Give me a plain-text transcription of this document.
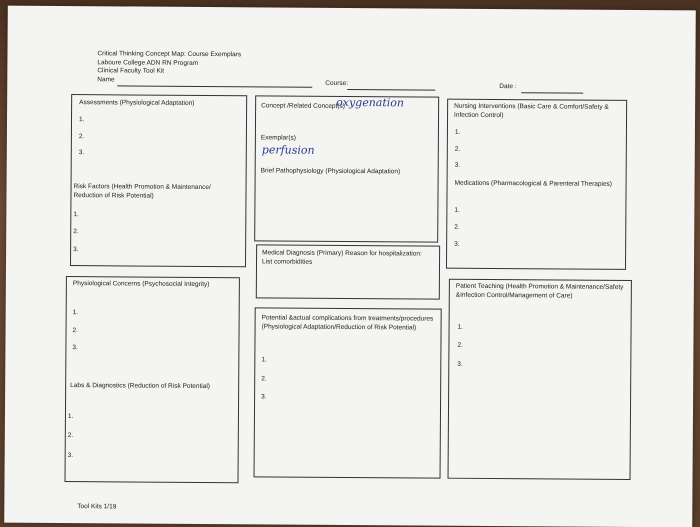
Critical Thinking Concept Map: Course Exemplars
Laboure College ADN RN Program
Clinical Faculty Tool Kit
Name
Course:	Date :
Assessments (Physiological Adaptation)
1.
2.
3.
Risk Factors (Health Promotion & Maintenance/ Reduction of Risk Potential)
1.
2.
3.
Concept /Related Concept(s)
oxygenation
Exemplar(s)
perfusion
Brief Pathophysiology (Physiological Adaptation)
Nursing Interventions (Basic Care & Comfort/Safety & Infection Control)
1.
2.
3.
Medications (Pharmacological & Parenteral Therapies)
1.
2.
3.
Medical Diagnosis (Primary) Reason for hospitalization: List comorbidities
Physiological Concerns (Psychosocial Integrity)
1.
2.
3.
Labs & Diagnostics (Reduction of Risk Potential)
1.
2.
3.
Potential &actual complications from treatments/procedures (Physiological Adaptation/Reduction of Risk Potential)
1.
2.
3.
Patient Teaching (Health Promotion & Maintenance/Safety &Infection Control/Management of Care)
1.
2.
3.
Tool Kits 1/19
